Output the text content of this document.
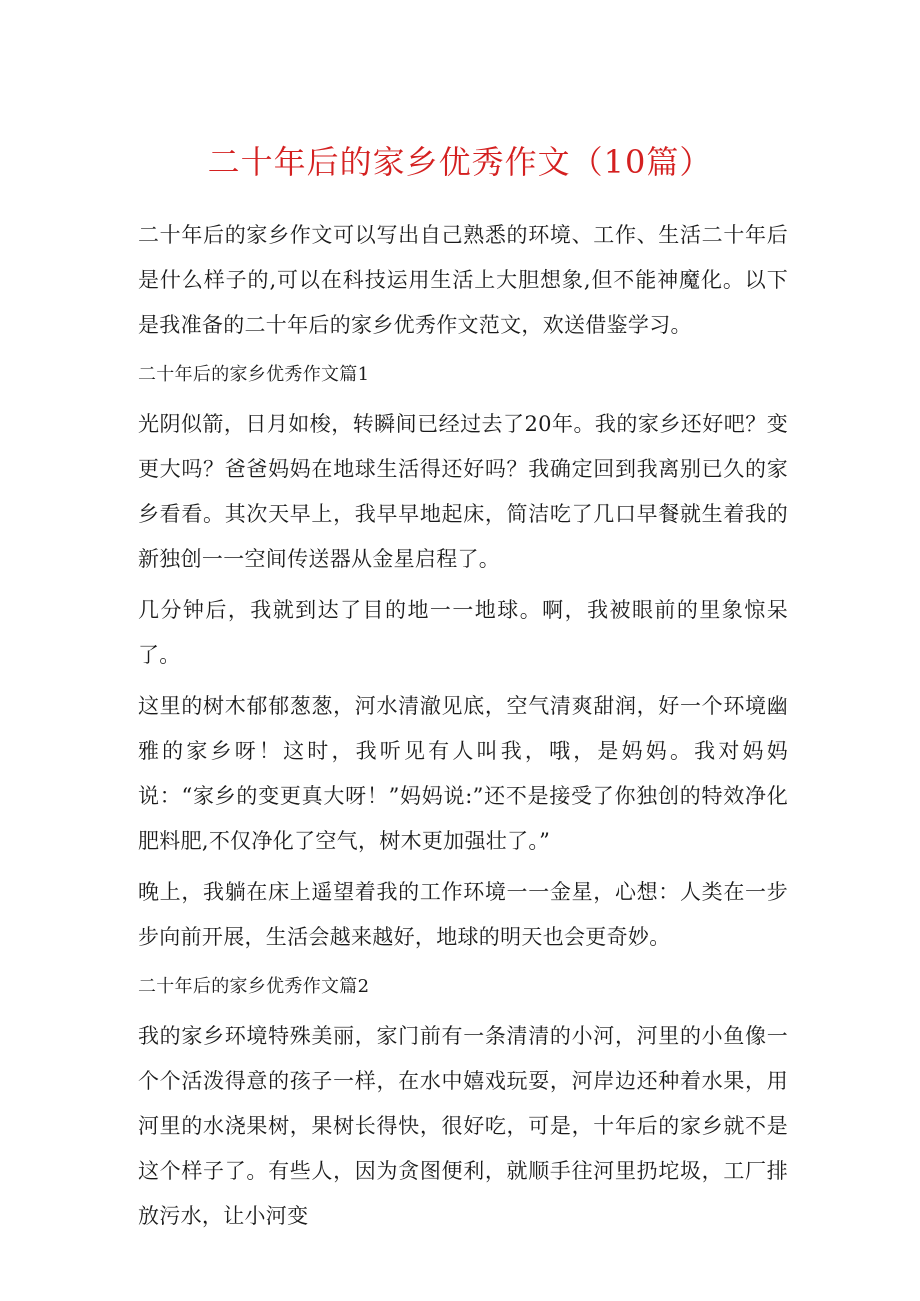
二十年后的家乡优秀作文（10篇）

二十年后的家乡作文可以写出自己熟悉的环境、工作、生活二十年后是什么样子的,可以在科技运用生活上大胆想象,但不能神魔化。以下是我准备的二十年后的家乡优秀作文范文，欢送借鉴学习。

二十年后的家乡优秀作文篇1

光阴似箭，日月如梭，转瞬间已经过去了20年。我的家乡还好吧？变更大吗？爸爸妈妈在地球生活得还好吗？我确定回到我离别已久的家乡看看。其次天早上，我早早地起床，简洁吃了几口早餐就生着我的新独创一一空间传送器从金星启程了。

几分钟后，我就到达了目的地一一地球。啊，我被眼前的里象惊呆了。

这里的树木郁郁葱葱，河水清澈见底，空气清爽甜润，好一个环境幽雅的家乡呀！这时，我听见有人叫我，哦，是妈妈。我对妈妈说：“家乡的变更真大呀！”妈妈说:”还不是接受了你独创的特效净化肥料肥,不仅净化了空气，树木更加强壮了。”

晚上，我躺在床上遥望着我的工作环境一一金星，心想：人类在一步步向前开展，生活会越来越好，地球的明天也会更奇妙。

二十年后的家乡优秀作文篇2

我的家乡环境特殊美丽，家门前有一条清清的小河，河里的小鱼像一个个活泼得意的孩子一样，在水中嬉戏玩耍，河岸边还种着水果，用河里的水浇果树，果树长得快，很好吃，可是，十年后的家乡就不是这个样子了。有些人，因为贪图便利，就顺手往河里扔坨圾，工厂排放污水，让小河变
